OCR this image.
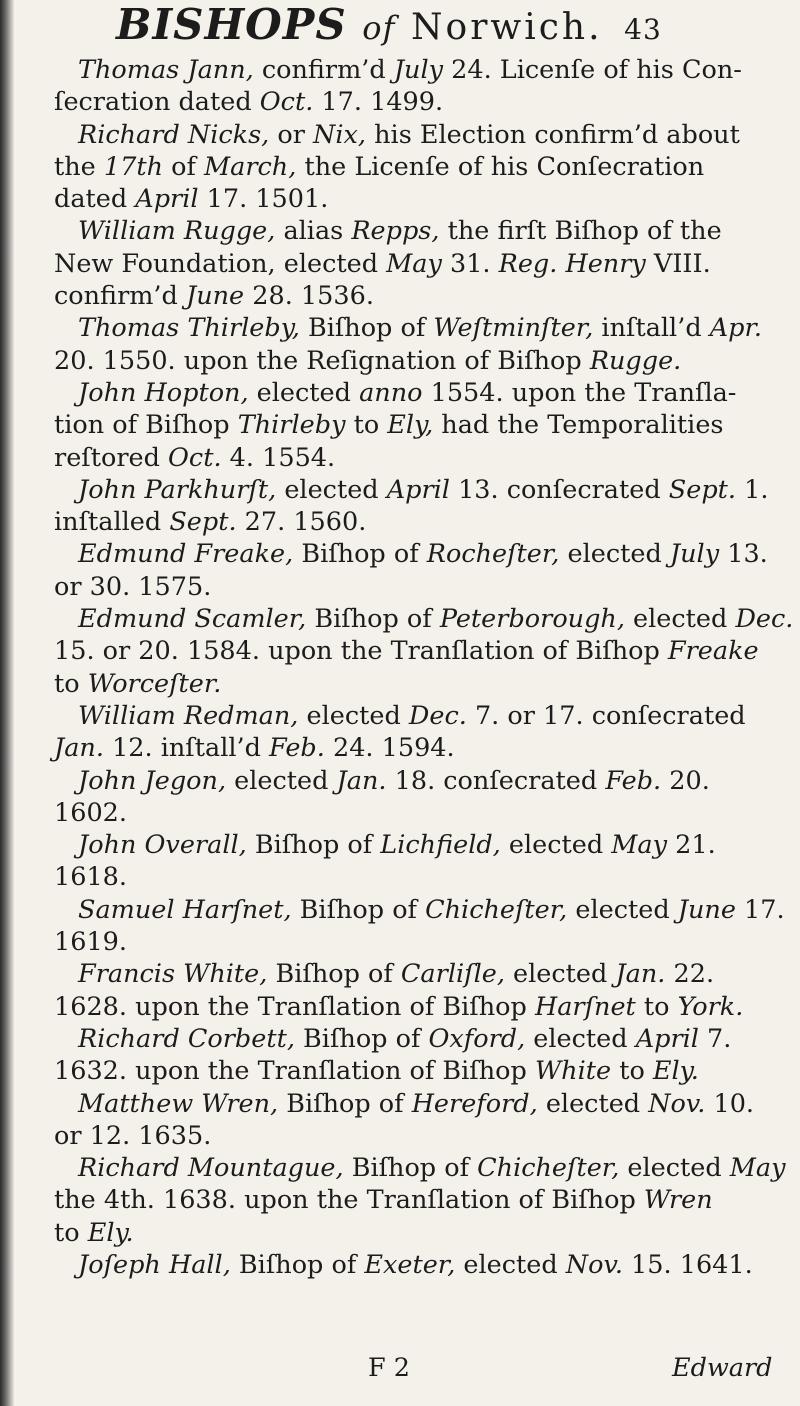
BISHOPS of Norwich. 43
Thomas Jann, confirm’d July 24. Licenſe of his Con-
ſecration dated Oct. 17. 1499.
Richard Nicks, or Nix, his Election confirm’d about
the 17th of March, the Licenſe of his Conſecration
dated April 17. 1501.
William Rugge, alias Repps, the firſt Biſhop of the
New Foundation, elected May 31. Reg. Henry VIII.
confirm’d June 28. 1536.
Thomas Thirleby, Biſhop of Weſtminſter, inſtall’d Apr.
20. 1550. upon the Reſignation of Biſhop Rugge.
John Hopton, elected anno 1554. upon the Tranſla-
tion of Biſhop Thirleby to Ely, had the Temporalities
reſtored Oct. 4. 1554.
John Parkhurſt, elected April 13. conſecrated Sept. 1.
inſtalled Sept. 27. 1560.
Edmund Freake, Biſhop of Rocheſter, elected July 13.
or 30. 1575.
Edmund Scamler, Biſhop of Peterborough, elected Dec.
15. or 20. 1584. upon the Tranſlation of Biſhop Freake
to Worceſter.
William Redman, elected Dec. 7. or 17. conſecrated
Jan. 12. inſtall’d Feb. 24. 1594.
John Jegon, elected Jan. 18. conſecrated Feb. 20.
1602.
John Overall, Biſhop of Lichfield, elected May 21.
1618.
Samuel Harſnet, Biſhop of Chicheſter, elected June 17.
1619.
Francis White, Biſhop of Carliſle, elected Jan. 22.
1628. upon the Tranſlation of Biſhop Harſnet to York.
Richard Corbett, Biſhop of Oxford, elected April 7.
1632. upon the Tranſlation of Biſhop White to Ely.
Matthew Wren, Biſhop of Hereford, elected Nov. 10.
or 12. 1635.
Richard Mountague, Biſhop of Chicheſter, elected May
the 4th. 1638. upon the Tranſlation of Biſhop Wren
to Ely.
Joſeph Hall, Biſhop of Exeter, elected Nov. 15. 1641.
F 2	Edward
